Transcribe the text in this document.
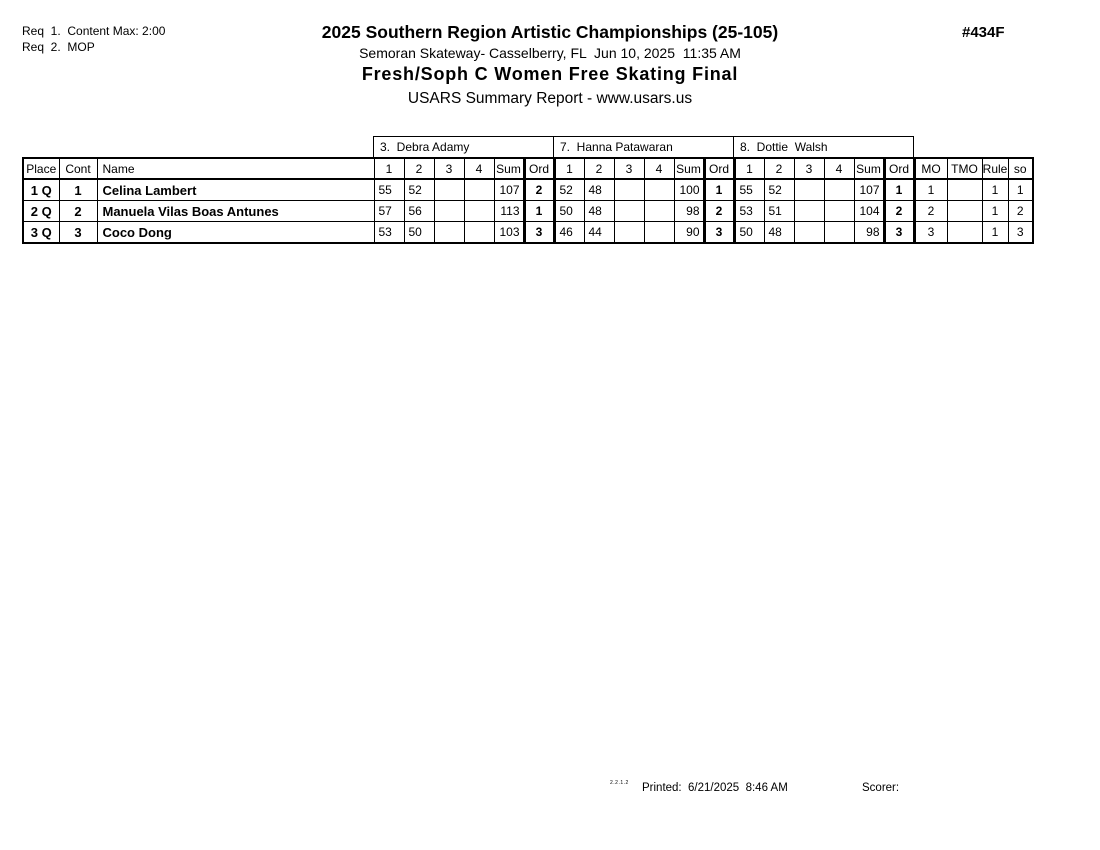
Req  1.  Content Max: 2:00
Req  2.  MOP
2025 Southern Region Artistic Championships (25-105)
Semoran Skateway- Casselberry, FL  Jun 10, 2025  11:35 AM
Fresh/Soph C Women Free Skating Final
USARS Summary Report - www.usars.us
#434F
3.  Debra Adamy	7.  Hanna Patawaran	8.  Dottie  Walsh
Place	Cont	Name	1	2	3	4	Sum	Ord	1	2	3	4	Sum	Ord	1	2	3	4	Sum	Ord	MO	TMO	Rule	so
1 Q	1	Celina Lambert	55	52			107	2	52	48			100	1	55	52			107	1	1		1	1
2 Q	2	Manuela Vilas Boas Antunes	57	56			113	1	50	48			98	2	53	51			104	2	2		1	2
3 Q	3	Coco Dong	53	50			103	3	46	44			90	3	50	48			98	3	3		1	3
2.2.1.2 Printed:  6/21/2025  8:46 AM	Scorer:
